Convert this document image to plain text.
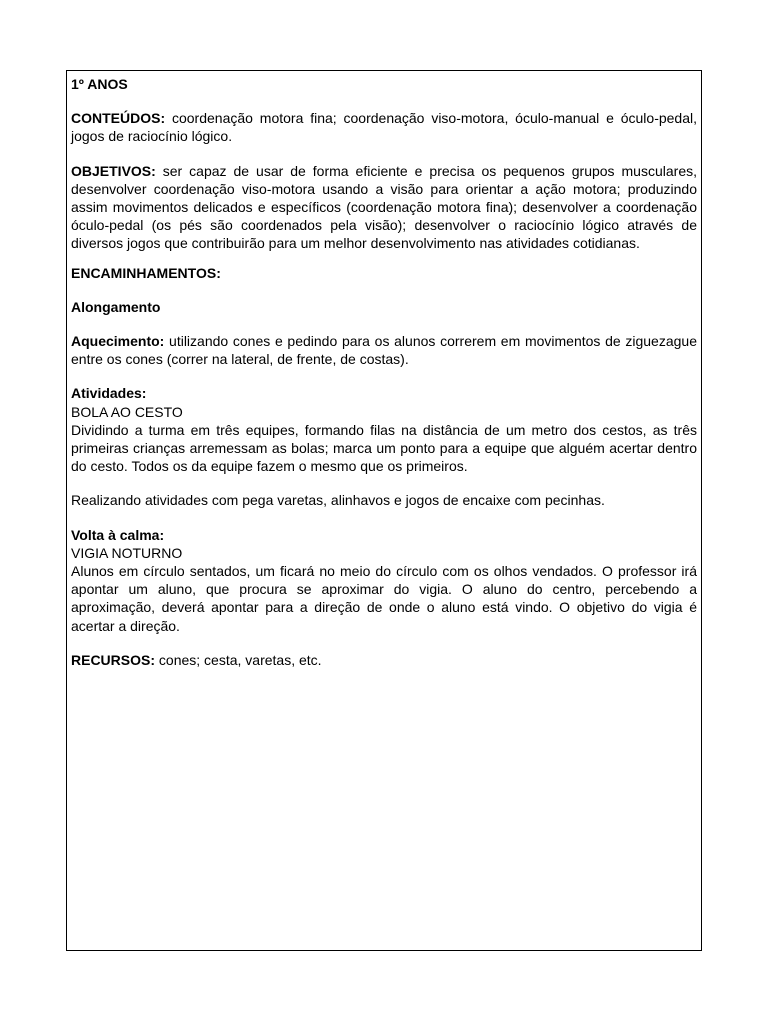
1º ANOS

CONTEÚDOS: coordenação motora fina; coordenação viso-motora, óculo-manual e óculo-pedal, jogos de raciocínio lógico.

OBJETIVOS: ser capaz de usar de forma eficiente e precisa os pequenos grupos musculares, desenvolver coordenação viso-motora usando a visão para orientar a ação motora; produzindo assim movimentos delicados e específicos (coordenação motora fina); desenvolver a coordenação óculo-pedal (os pés são coordenados pela visão); desenvolver o raciocínio lógico através de diversos jogos que contribuirão para um melhor desenvolvimento nas atividades cotidianas.

ENCAMINHAMENTOS:

Alongamento

Aquecimento: utilizando cones e pedindo para os alunos correrem em movimentos de ziguezague entre os cones (correr na lateral, de frente, de costas).

Atividades:
BOLA AO CESTO
Dividindo a turma em três equipes, formando filas na distância de um metro dos cestos, as três primeiras crianças arremessam as bolas; marca um ponto para a equipe que alguém acertar dentro do cesto. Todos os da equipe fazem o mesmo que os primeiros.

Realizando atividades com pega varetas, alinhavos e jogos de encaixe com pecinhas.

Volta à calma:
VIGIA NOTURNO
Alunos em círculo sentados, um ficará no meio do círculo com os olhos vendados. O professor irá apontar um aluno, que procura se aproximar do vigia. O aluno do centro, percebendo a aproximação, deverá apontar para a direção de onde o aluno está vindo. O objetivo do vigia é acertar a direção.

RECURSOS: cones; cesta, varetas, etc.
